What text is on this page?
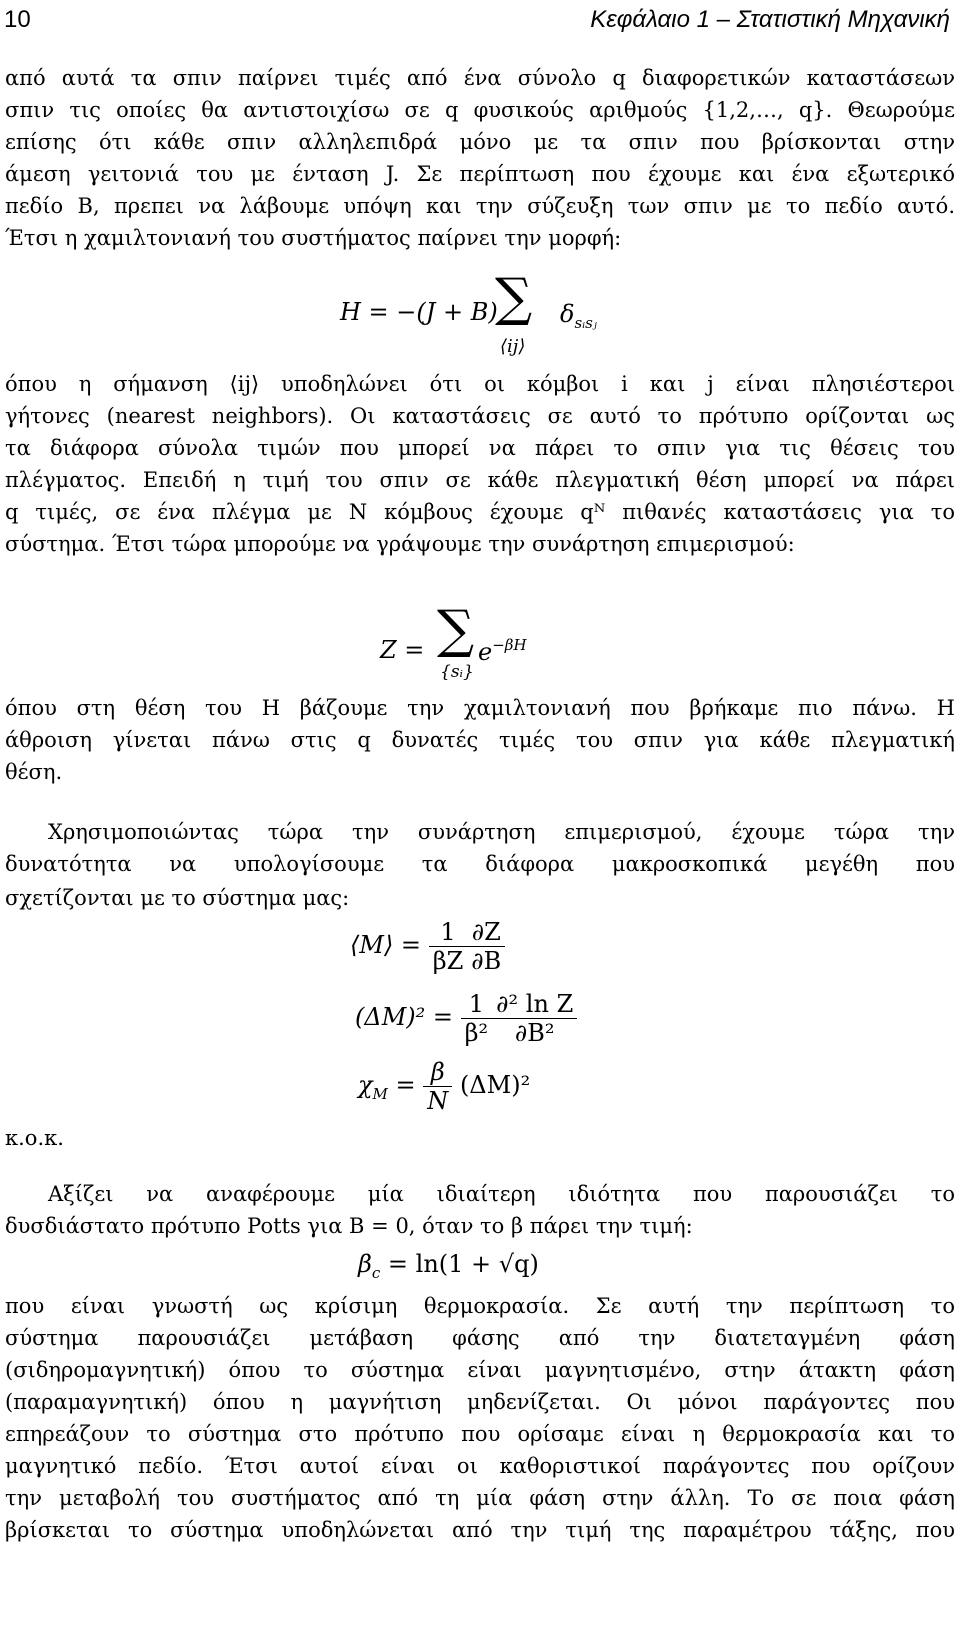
10	Κεφάλαιο 1 – Στατιστική Μηχανική
από αυτά τα σπιν παίρνει τιμές από ένα σύνολο q διαφορετικών καταστάσεων
σπιν τις οποίες θα αντιστοιχίσω σε q φυσικούς αριθμούς {1,2,…, q}. Θεωρούμε
επίσης ότι κάθε σπιν αλληλεπιδρά μόνο με τα σπιν που βρίσκονται στην
άμεση γειτονιά του με ένταση J. Σε περίπτωση που έχουμε και ένα εξωτερικό
πεδίο B, πρεπει να λάβουμε υπόψη και την σύζευξη των σπιν με το πεδίο αυτό.
Έτσι η χαμιλτονιανή του συστήματος παίρνει την μορφή:
H = −(J + B)
∑
⟨ij⟩
$\delta_{sᵢsⱼ}$
όπου η σήμανση ⟨ij⟩ υποδηλώνει ότι οι κόμβοι i και j είναι πλησιέστεροι
γήτονες (nearest neighbors). Οι καταστάσεις σε αυτό το πρότυπο ορίζονται ως
τα διάφορα σύνολα τιμών που μπορεί να πάρει το σπιν για τις θέσεις του
πλέγματος. Επειδή η τιμή του σπιν σε κάθε πλεγματική θέση μπορεί να πάρει
q τιμές, σε ένα πλέγμα με N κόμβους έχουμε qᴺ πιθανές καταστάσεις για το
σύστημα. Έτσι τώρα μπορούμε να γράψουμε την συνάρτηση επιμερισμού:
Z = ∑
{sᵢ}
$e^{-\beta H}$
όπου στη θέση του H βάζουμε την χαμιλτονιανή που βρήκαμε πιο πάνω. Η
άθροιση γίνεται πάνω στις q δυνατές τιμές του σπιν για κάθε πλεγματική
θέση.
Χρησιμοποιώντας τώρα την συνάρτηση επιμερισμού, έχουμε τώρα την
δυνατότητα να υπολογίσουμε τα διάφορα μακροσκοπικά μεγέθη που
σχετίζονται με το σύστημα μας:
⟨M⟩ = $\frac{1}{\beta Z} \frac{\partial Z}{\partial B}$
$(\Delta M)^2 = \frac{1}{\text{β²}} \frac{\text{∂² ln Z}}{\text{∂B²}}$
$\chi_M = \frac{\beta}{N} (\Delta M)^2$
κ.ο.κ.
Αξίζει να αναφέρουμε μία ιδιαίτερη ιδιότητα που παρουσιάζει το
δυσδιάστατο πρότυπο Potts για B = 0, όταν το β πάρει την τιμή:
$\beta_c = \ln(1 + √q)$
που είναι γνωστή ως κρίσιμη θερμοκρασία. Σε αυτή την περίπτωση το
σύστημα παρουσιάζει μετάβαση φάσης από την διατεταγμένη φάση
(σιδηρομαγνητική) όπου το σύστημα είναι μαγνητισμένο, στην άτακτη φάση
(παραμαγνητική) όπου η μαγνήτιση μηδενίζεται. Οι μόνοι παράγοντες που
επηρεάζουν το σύστημα στο πρότυπο που ορίσαμε είναι η θερμοκρασία και το
μαγνητικό πεδίο. Έτσι αυτοί είναι οι καθοριστικοί παράγοντες που ορίζουν
την μεταβολή του συστήματος από τη μία φάση στην άλλη. Το σε ποια φάση
βρίσκεται το σύστημα υποδηλώνεται από την τιμή της παραμέτρου τάξης, που
